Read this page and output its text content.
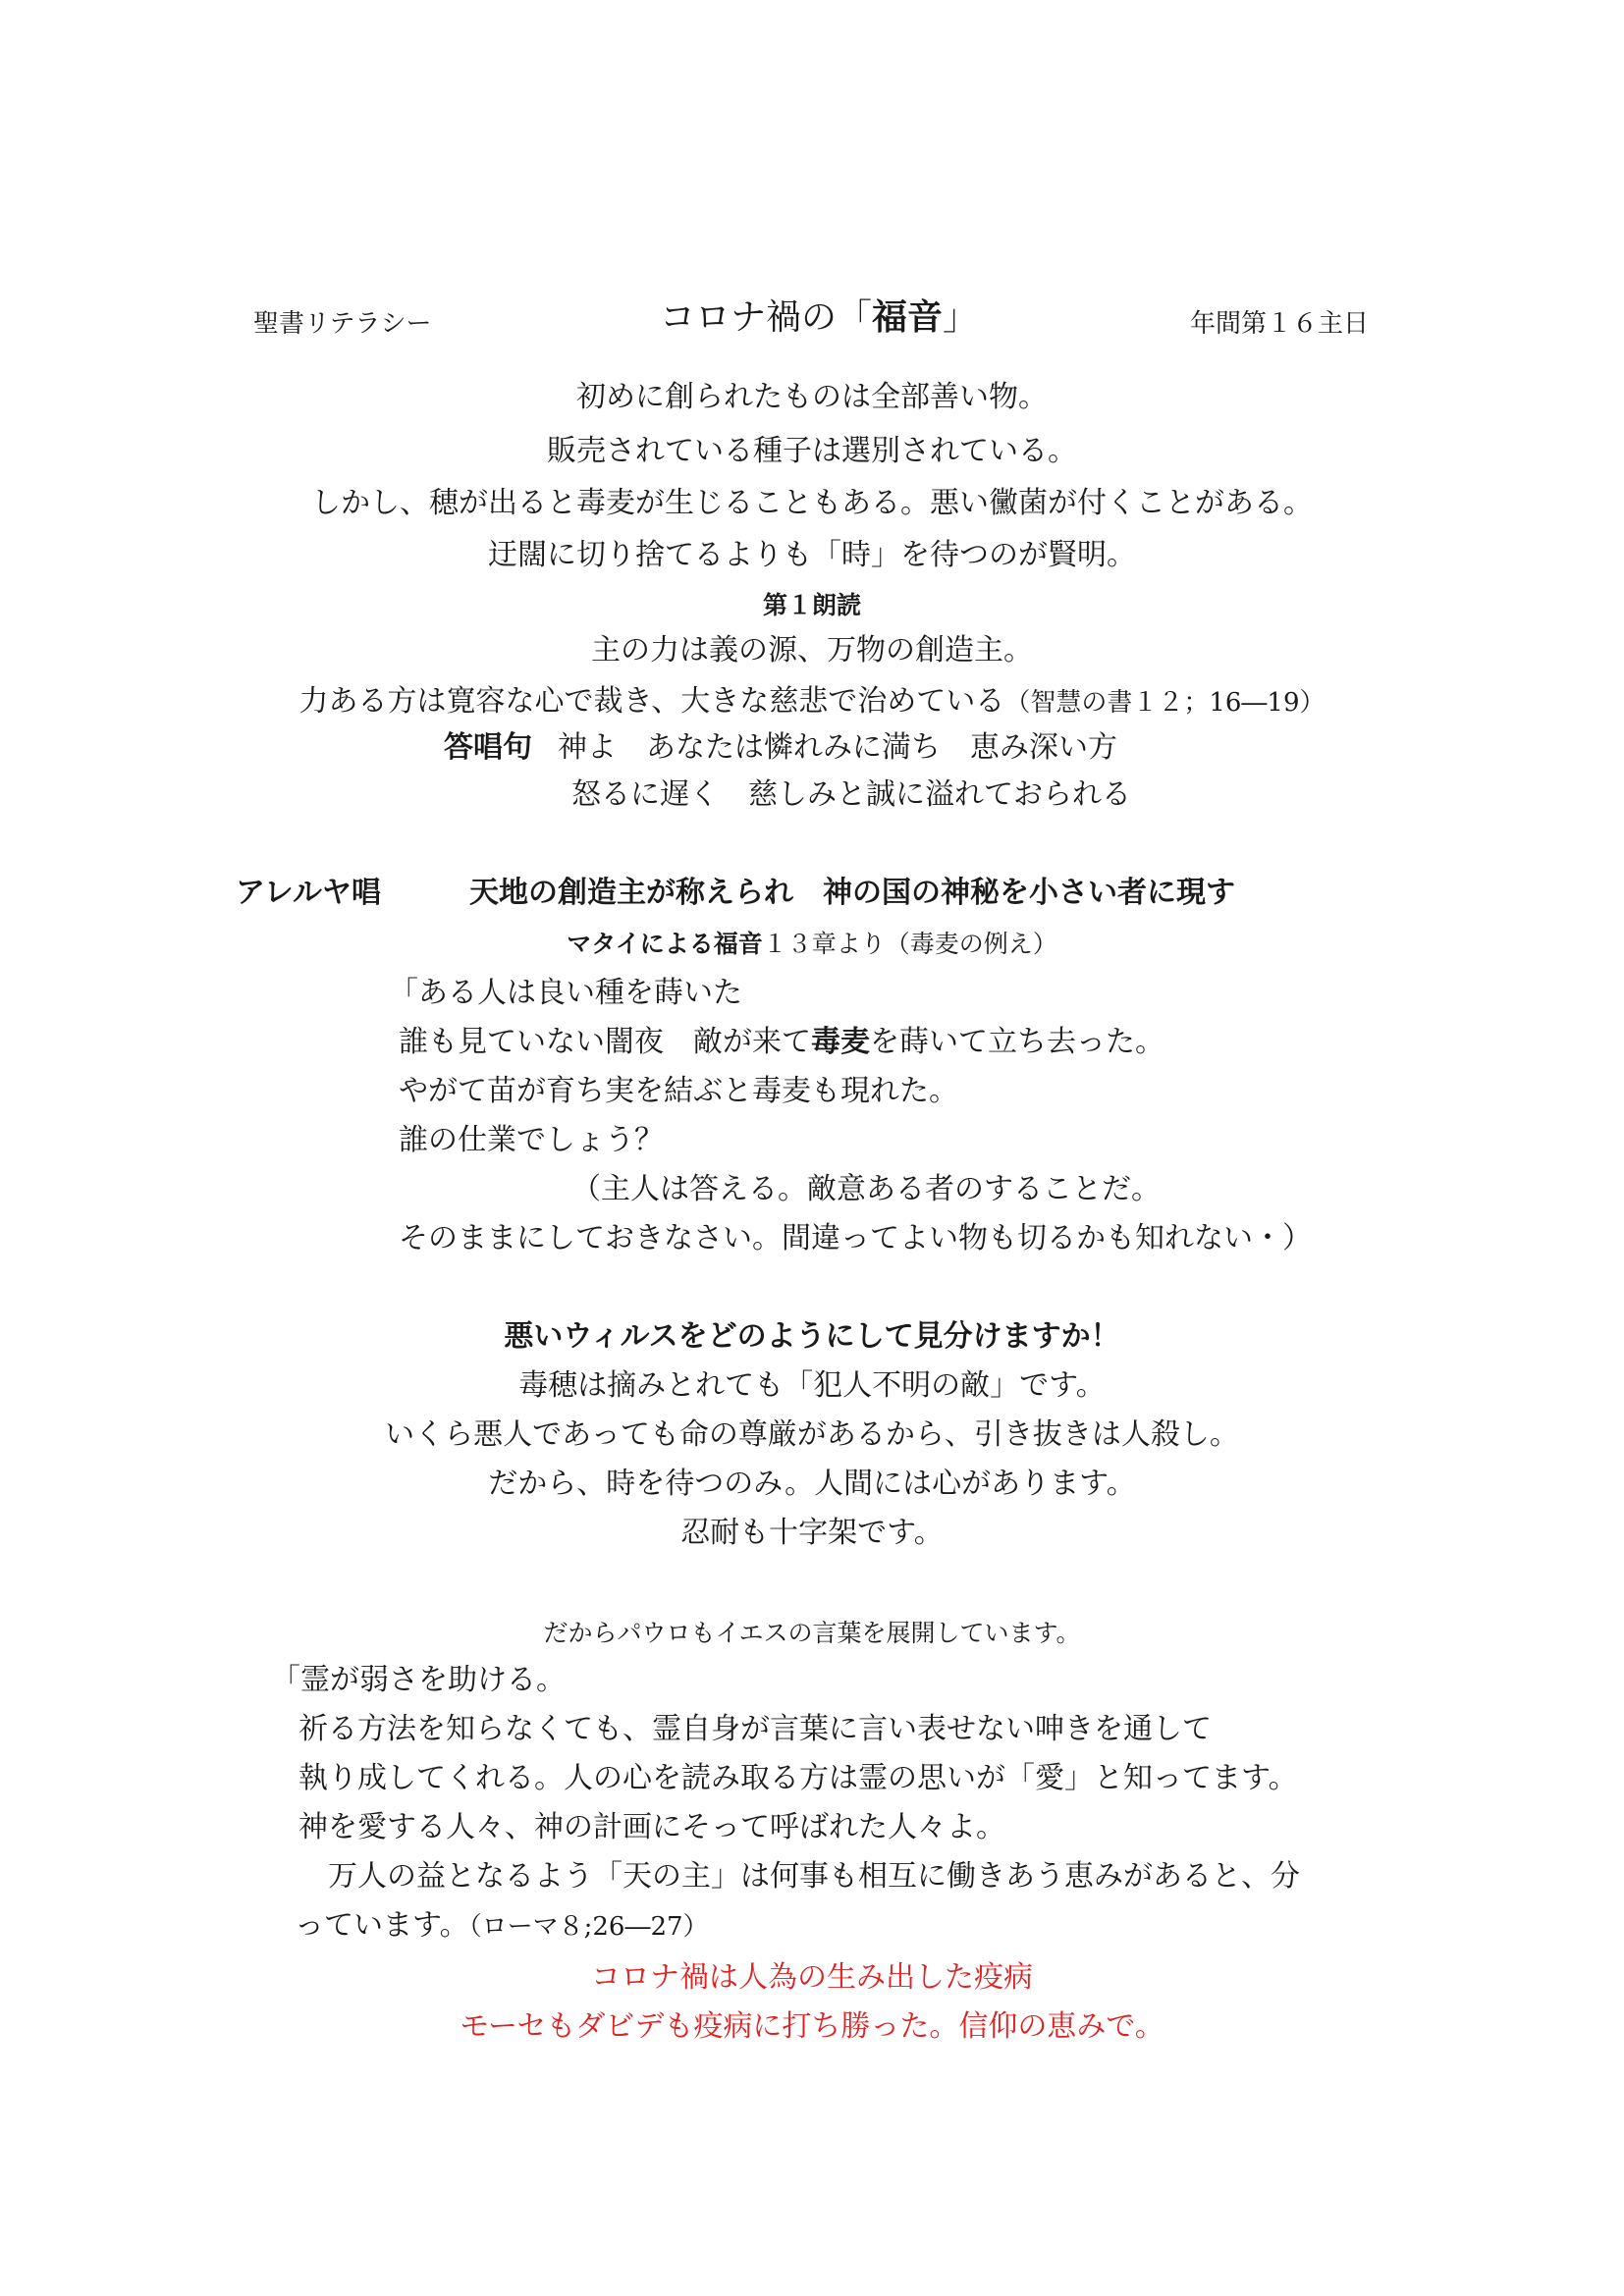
聖書リテラシー	コロナ禍の「福音」	年間第１６主日
初めに創られたものは全部善い物。
販売されている種子は選別されている。
しかし、穂が出ると毒麦が生じることもある。悪い黴菌が付くことがある。
迂闊に切り捨てるよりも「時」を待つのが賢明。
第１朗読
主の力は義の源、万物の創造主。
力ある方は寛容な心で裁き、大きな慈悲で治めている（智慧の書１２；16―19）
答唱句 神よ　あなたは憐れみに満ち　恵み深い方
怒るに遅く　慈しみと誠に溢れておられる
アレルヤ唱	天地の創造主が称えられ　神の国の神秘を小さい者に現す
マタイによる福音１３章より（毒麦の例え）
「ある人は良い種を蒔いた
誰も見ていない闇夜　敵が来て毒麦を蒔いて立ち去った。
やがて苗が育ち実を結ぶと毒麦も現れた。
誰の仕業でしょう？
（主人は答える。敵意ある者のすることだ。
そのままにしておきなさい。間違ってよい物も切るかも知れない・）
悪いウィルスをどのようにして見分けますか！
毒穂は摘みとれても「犯人不明の敵」です。
いくら悪人であっても命の尊厳があるから、引き抜きは人殺し。
だから、時を待つのみ。人間には心があります。
忍耐も十字架です。
だからパウロもイエスの言葉を展開しています。
「霊が弱さを助ける。
祈る方法を知らなくても、霊自身が言葉に言い表せない呻きを通して
執り成してくれる。人の心を読み取る方は霊の思いが「愛」と知ってます。
神を愛する人々、神の計画にそって呼ばれた人々よ。
万人の益となるよう「天の主」は何事も相互に働きあう恵みがあると、分
っています。（ローマ８;26―27）
コロナ禍は人為の生み出した疫病
モーセもダビデも疫病に打ち勝った。信仰の恵みで。
